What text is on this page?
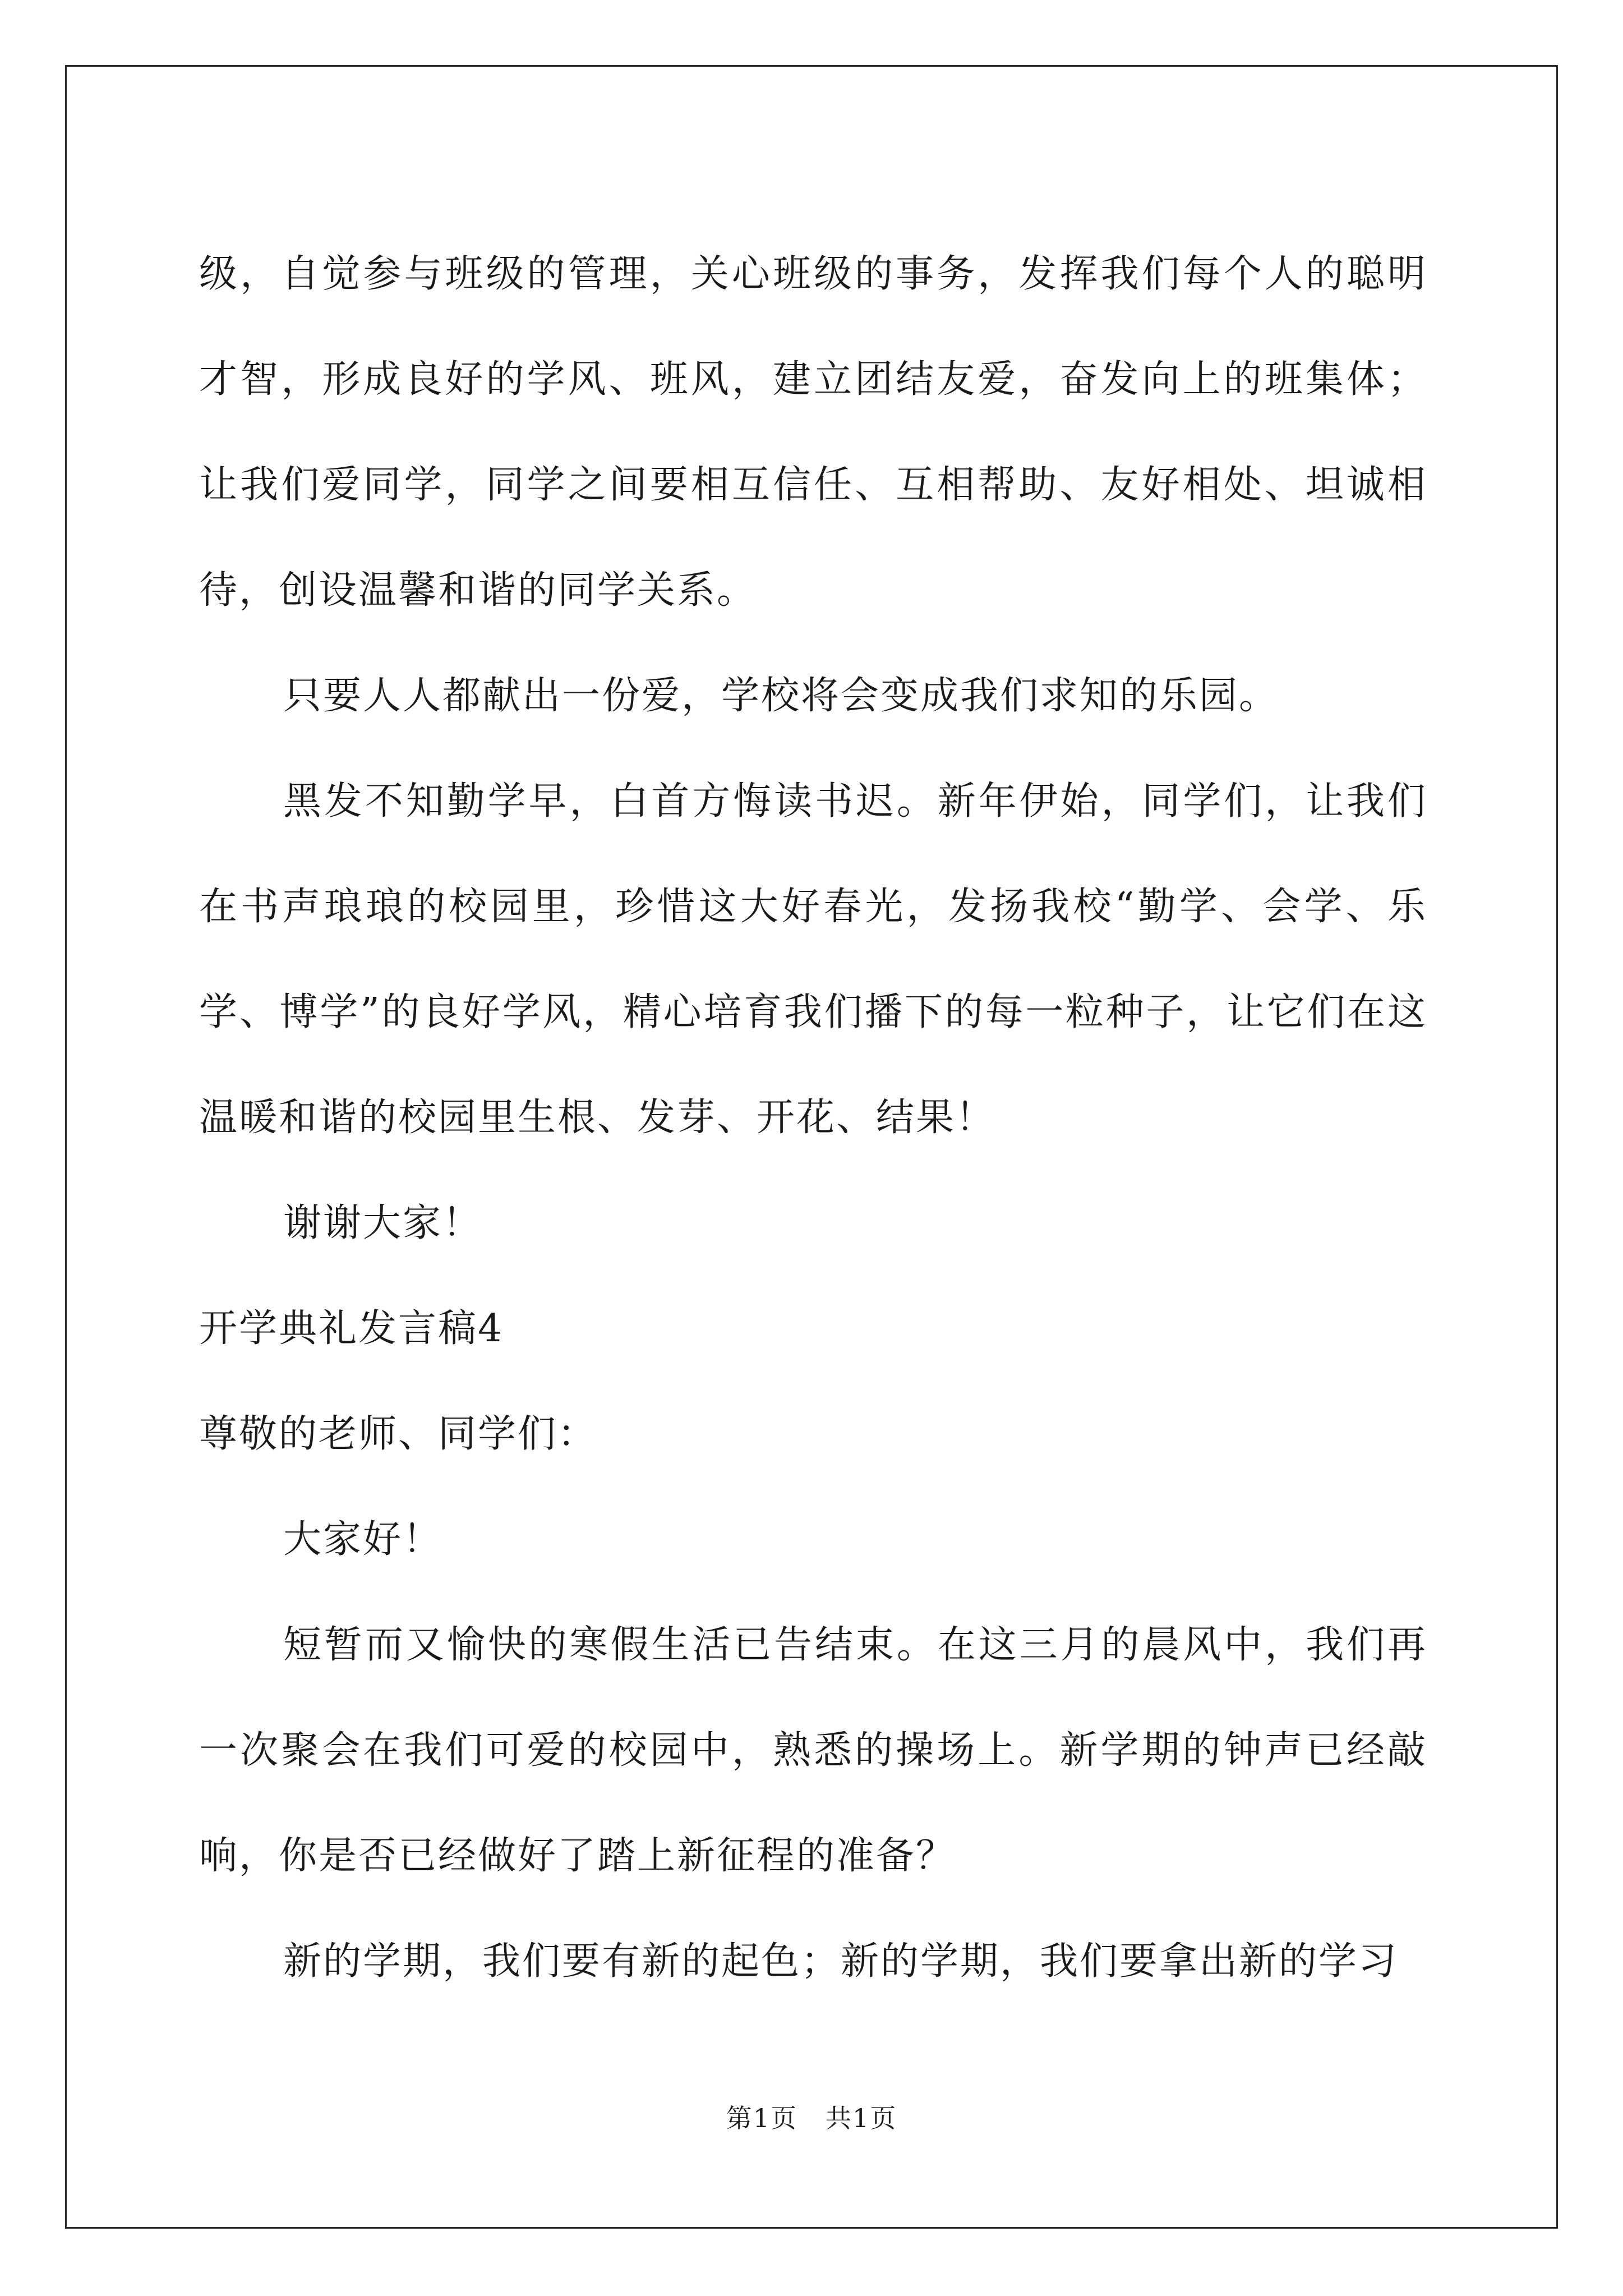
级，自觉参与班级的管理，关心班级的事务，发挥我们每个人的聪明才智，形成良好的学风、班风，建立团结友爱，奋发向上的班集体；让我们爱同学，同学之间要相互信任、互相帮助、友好相处、坦诚相待，创设温馨和谐的同学关系。

只要人人都献出一份爱，学校将会变成我们求知的乐园。

黑发不知勤学早，白首方悔读书迟。新年伊始，同学们，让我们在书声琅琅的校园里，珍惜这大好春光，发扬我校“勤学、会学、乐学、博学”的良好学风，精心培育我们播下的每一粒种子，让它们在这温暖和谐的校园里生根、发芽、开花、结果！

谢谢大家！

开学典礼发言稿4

尊敬的老师、同学们：

大家好！

短暂而又愉快的寒假生活已告结束。在这三月的晨风中，我们再一次聚会在我们可爱的校园中，熟悉的操场上。新学期的钟声已经敲响，你是否已经做好了踏上新征程的准备？

新的学期，我们要有新的起色；新的学期，我们要拿出新的学习

第1页 共1页
